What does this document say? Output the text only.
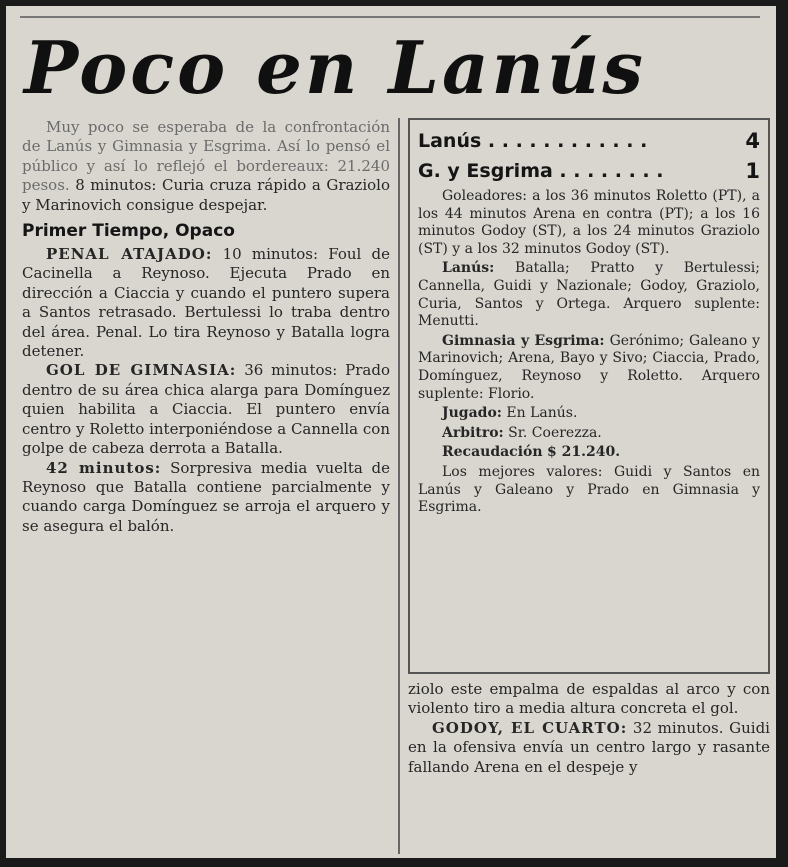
Poco en Lanús

Muy poco se esperaba de la confrontación de Lanús y Gimnasia y Esgrima. Así lo pensó el público y así lo reflejó el bordereaux: 21.240 pesos. 8 minutos: Curia cruza rápido a Graziolo y Marinovich consigue despejar.

Primer Tiempo, Opaco

PENAL ATAJADO: 10 minutos: Foul de Cacinella a Reynoso. Ejecuta Prado en dirección a Ciaccia y cuando el puntero supera a Santos retrasado. Bertulessi lo traba dentro del área. Penal. Lo tira Reynoso y Batalla logra detener.

GOL DE GIMNASIA: 36 minutos: Prado dentro de su área chica alarga para Domínguez quien habilita a Ciaccia. El puntero envía centro y Roletto interponiéndose a Cannella con golpe de cabeza derrota a Batalla.

42 minutos: Sorpresiva media vuelta de Reynoso que Batalla contiene parcialmente y cuando carga Domínguez se arroja el arquero y se asegura el balón.

Lanús . . . . . . . . . . . .	4
G. y Esgrima . . . . . . . .	1

Goleadores: a los 36 minutos Roletto (PT), a los 44 minutos Arena en contra (PT); a los 16 minutos Godoy (ST), a los 24 minutos Graziolo (ST) y a los 32 minutos Godoy (ST).

Lanús: Batalla; Pratto y Bertulessi; Cannella, Guidi y Nazionale; Godoy, Graziolo, Curia, Santos y Ortega. Arquero suplente: Menutti.

Gimnasia y Esgrima: Gerónimo; Galeano y Marinovich; Arena, Bayo y Sivo; Ciaccia, Prado, Domínguez, Reynoso y Roletto. Arquero suplente: Florio.

Jugado: En Lanús.

Arbitro: Sr. Coerezza.

Recaudación $ 21.240.

Los mejores valores: Guidi y Santos en Lanús y Galeano y Prado en Gimnasia y Esgrima.

ziolo este empalma de espaldas al arco y con violento tiro a media altura concreta el gol.

GODOY, EL CUARTO: 32 minutos. Guidi en la ofensiva envía un centro largo y rasante fallando Arena en el despeje y
